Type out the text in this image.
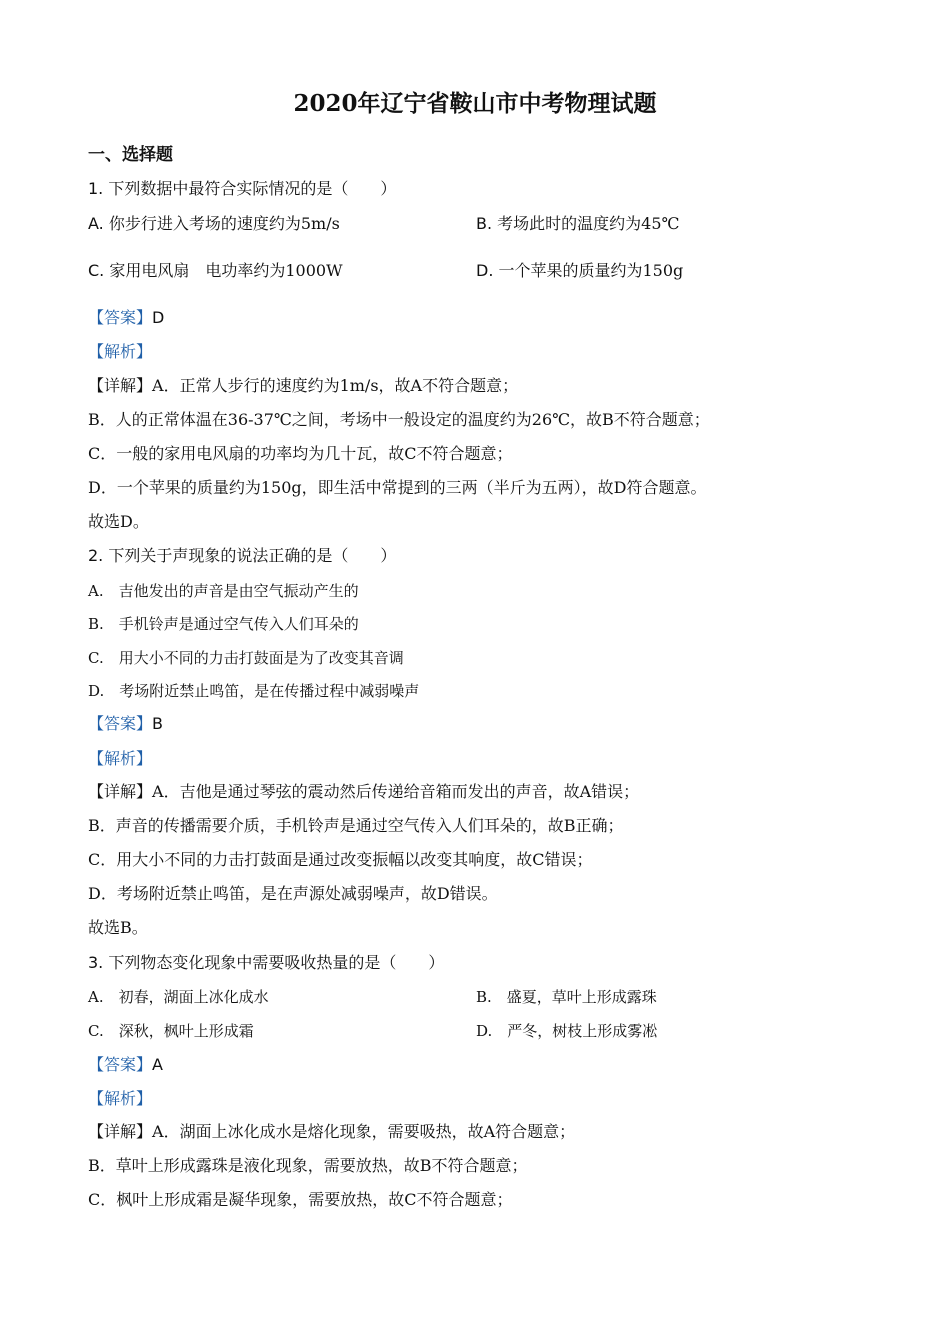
2020年辽宁省鞍山市中考物理试题
一、选择题
1. 下列数据中最符合实际情况的是（　　）
A. 你步行进入考场的速度约为5m/s	B. 考场此时的温度约为45℃
C. 家用电风扇　电功率约为1000W	D. 一个苹果的质量约为150g
【答案】D
【解析】
【详解】A．正常人步行的速度约为1m/s，故A不符合题意；
B．人的正常体温在36-37℃之间，考场中一般设定的温度约为26℃，故B不符合题意；
C．一般的家用电风扇的功率均为几十瓦，故C不符合题意；
D．一个苹果的质量约为150g，即生活中常提到的三两（半斤为五两），故D符合题意。
故选D。
2. 下列关于声现象的说法正确的是（　　）
A.　吉他发出的声音是由空气振动产生的
B.　手机铃声是通过空气传入人们耳朵的
C.　用大小不同的力击打鼓面是为了改变其音调
D.　考场附近禁止鸣笛，是在传播过程中减弱噪声
【答案】B
【解析】
【详解】A．吉他是通过琴弦的震动然后传递给音箱而发出的声音，故A错误；
B．声音的传播需要介质，手机铃声是通过空气传入人们耳朵的，故B正确；
C．用大小不同的力击打鼓面是通过改变振幅以改变其响度，故C错误；
D．考场附近禁止鸣笛，是在声源处减弱噪声，故D错误。
故选B。
3. 下列物态变化现象中需要吸收热量的是（　　）
A.　初春，湖面上冰化成水	B.　盛夏，草叶上形成露珠
C.　深秋，枫叶上形成霜	D.　严冬，树枝上形成雾凇
【答案】A
【解析】
【详解】A．湖面上冰化成水是熔化现象，需要吸热，故A符合题意；
B．草叶上形成露珠是液化现象，需要放热，故B不符合题意；
C．枫叶上形成霜是凝华现象，需要放热，故C不符合题意；
